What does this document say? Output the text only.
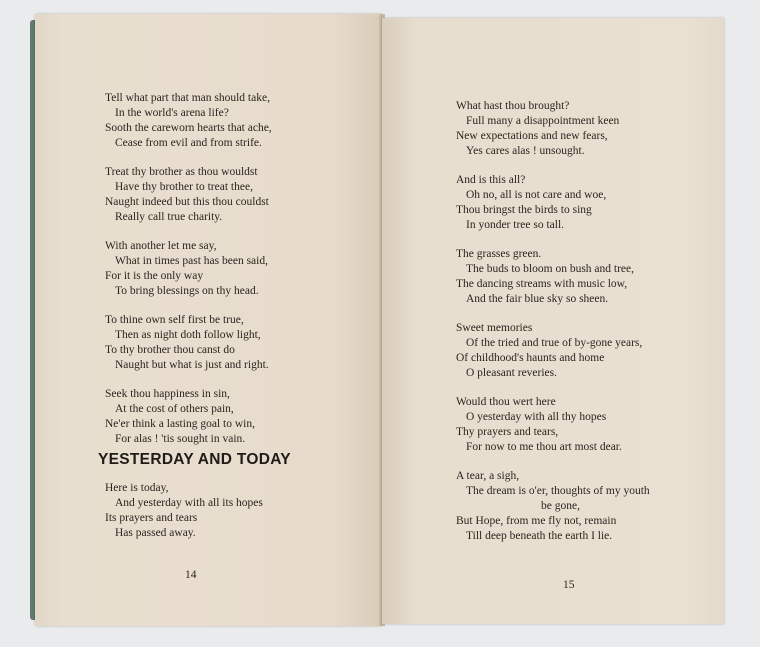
Tell what part that man should take,
In the world's arena life?
Sooth the careworn hearts that ache,
Cease from evil and from strife.
Treat thy brother as thou wouldst
Have thy brother to treat thee,
Naught indeed but this thou couldst
Really call true charity.
With another let me say,
What in times past has been said,
For it is the only way
To bring blessings on thy head.
To thine own self first be true,
Then as night doth follow light,
To thy brother thou canst do
Naught but what is just and right.
Seek thou happiness in sin,
At the cost of others pain,
Ne'er think a lasting goal to win,
For alas ! 'tis sought in vain.
YESTERDAY AND TODAY
Here is today,
And yesterday with all its hopes
Its prayers and tears
Has passed away.
14
What hast thou brought?
Full many a disappointment keen
New expectations and new fears,
Yes cares alas ! unsought.
And is this all?
Oh no, all is not care and woe,
Thou bringst the birds to sing
In yonder tree so tall.
The grasses green.
The buds to bloom on bush and tree,
The dancing streams with music low,
And the fair blue sky so sheen.
Sweet memories
Of the tried and true of by-gone years,
Of childhood's haunts and home
O pleasant reveries.
Would thou wert here
O yesterday with all thy hopes
Thy prayers and tears,
For now to me thou art most dear.
A tear, a sigh,
The dream is o'er, thoughts of my youth
be gone,
But Hope, from me fly not, remain
Till deep beneath the earth I lie.
15
